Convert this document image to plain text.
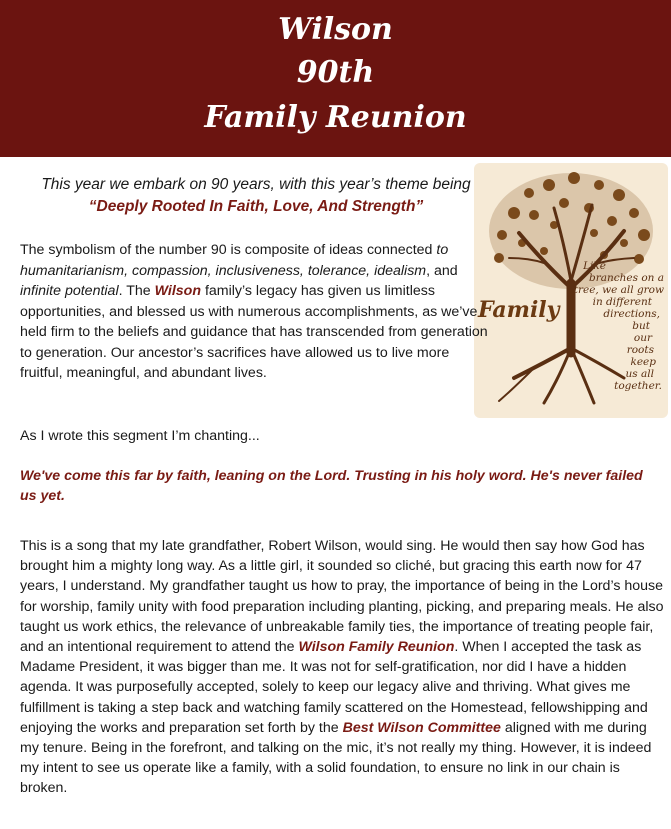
Wilson
90th
Family Reunion
This year we embark on 90 years, with this year’s theme being
“Deeply Rooted In Faith, Love, And Strength”
Family
Like
branches on a
tree, we all grow
in different
directions,
but
our
roots
keep
us all
together.
The symbolism of the number 90 is composite of ideas connected to humanitarianism, compassion, inclusiveness, tolerance, idealism, and infinite potential. The Wilson family’s legacy has given us limitless opportunities, and blessed us with numerous accomplishments, as we’ve held firm to the beliefs and guidance that has transcended from generation to generation. Our ancestor’s sacrifices have allowed us to live more fruitful, meaningful, and abundant lives.
As I wrote this segment I’m chanting...
We've come this far by faith, leaning on the Lord. Trusting in his holy word. He's never failed us yet.
This is a song that my late grandfather, Robert Wilson, would sing. He would then say how God has brought him a mighty long way. As a little girl, it sounded so cliché, but gracing this earth now for 47 years, I understand. My grandfather taught us how to pray, the importance of being in the Lord’s house for worship, family unity with food preparation including planting, picking, and preparing meals. He also taught us work ethics, the relevance of unbreakable family ties, the importance of treating people fair, and an intentional requirement to attend the Wilson Family Reunion. When I accepted the task as Madame President, it was bigger than me. It was not for self-gratification, nor did I have a hidden agenda. It was purposefully accepted, solely to keep our legacy alive and thriving. What gives me fulfillment is taking a step back and watching family scattered on the Homestead, fellowshipping and enjoying the works and preparation set forth by the Best Wilson Committee aligned with me during my tenure. Being in the forefront, and talking on the mic, it’s not really my thing. However, it is indeed my intent to see us operate like a family, with a solid foundation, to ensure no link in our chain is broken.
